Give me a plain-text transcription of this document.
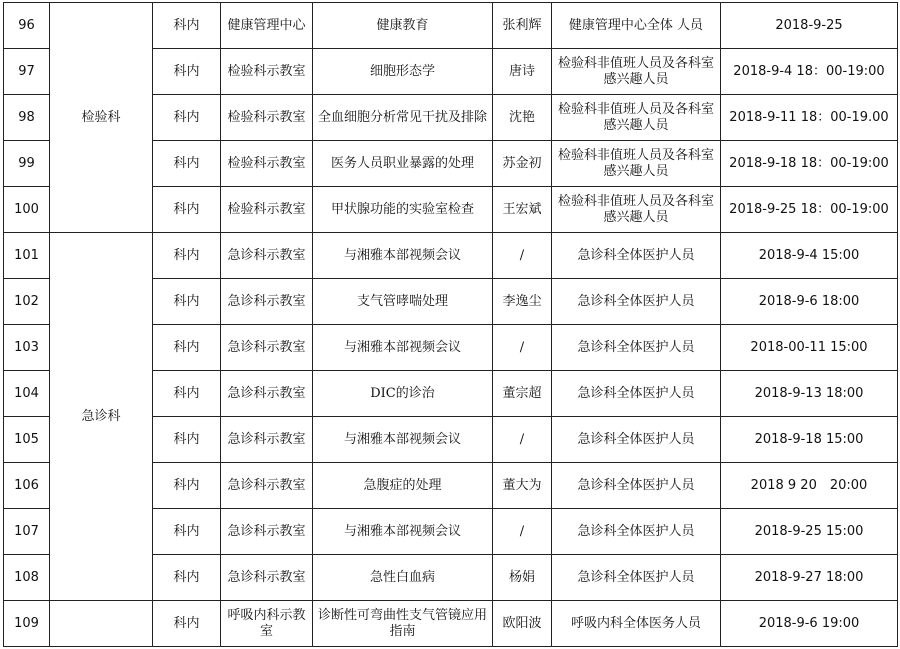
96	检验科	科内	健康管理中心	健康教育	张利辉	健康管理中心全体 人员	2018-9-25
97		科内	检验科示教室	细胞形态学	唐诗	检验科非值班人员及各科室感兴趣人员	2018-9-4 18：00-19:00
98		科内	检验科示教室	全血细胞分析常见干扰及排除	沈艳	检验科非值班人员及各科室感兴趣人员	2018-9-11 18：00-19.00
99		科内	检验科示教室	医务人员职业暴露的处理	苏金初	检验科非值班人员及各科室感兴趣人员	2018-9-18 18：00-19:00
100		科内	检验科示教室	甲状腺功能的实验室检查	王宏斌	检验科非值班人员及各科室感兴趣人员	2018-9-25 18：00-19:00
101	急诊科	科内	急诊科示教室	与湘雅本部视频会议	/	急诊科全体医护人员	2018-9-4 15:00
102		科内	急诊科示教室	支气管哮喘处理	李逸尘	急诊科全体医护人员	2018-9-6 18:00
103		科内	急诊科示教室	与湘雅本部视频会议	/	急诊科全体医护人员	2018-00-11 15:00
104		科内	急诊科示教室	DIC的诊治	董宗超	急诊科全体医护人员	2018-9-13 18:00
105		科内	急诊科示教室	与湘雅本部视频会议	/	急诊科全体医护人员	2018-9-18 15:00
106		科内	急诊科示教室	急腹症的处理	董大为	急诊科全体医护人员	2018 9 20　20:00
107		科内	急诊科示教室	与湘雅本部视频会议	/	急诊科全体医护人员	2018-9-25 15:00
108		科内	急诊科示教室	急性白血病	杨娟	急诊科全体医护人员	2018-9-27 18:00
109		科内	呼吸内科示教室	诊断性可弯曲性支气管镜应用指南	欧阳波	呼吸内科全体医务人员	2018-9-6 19:00
